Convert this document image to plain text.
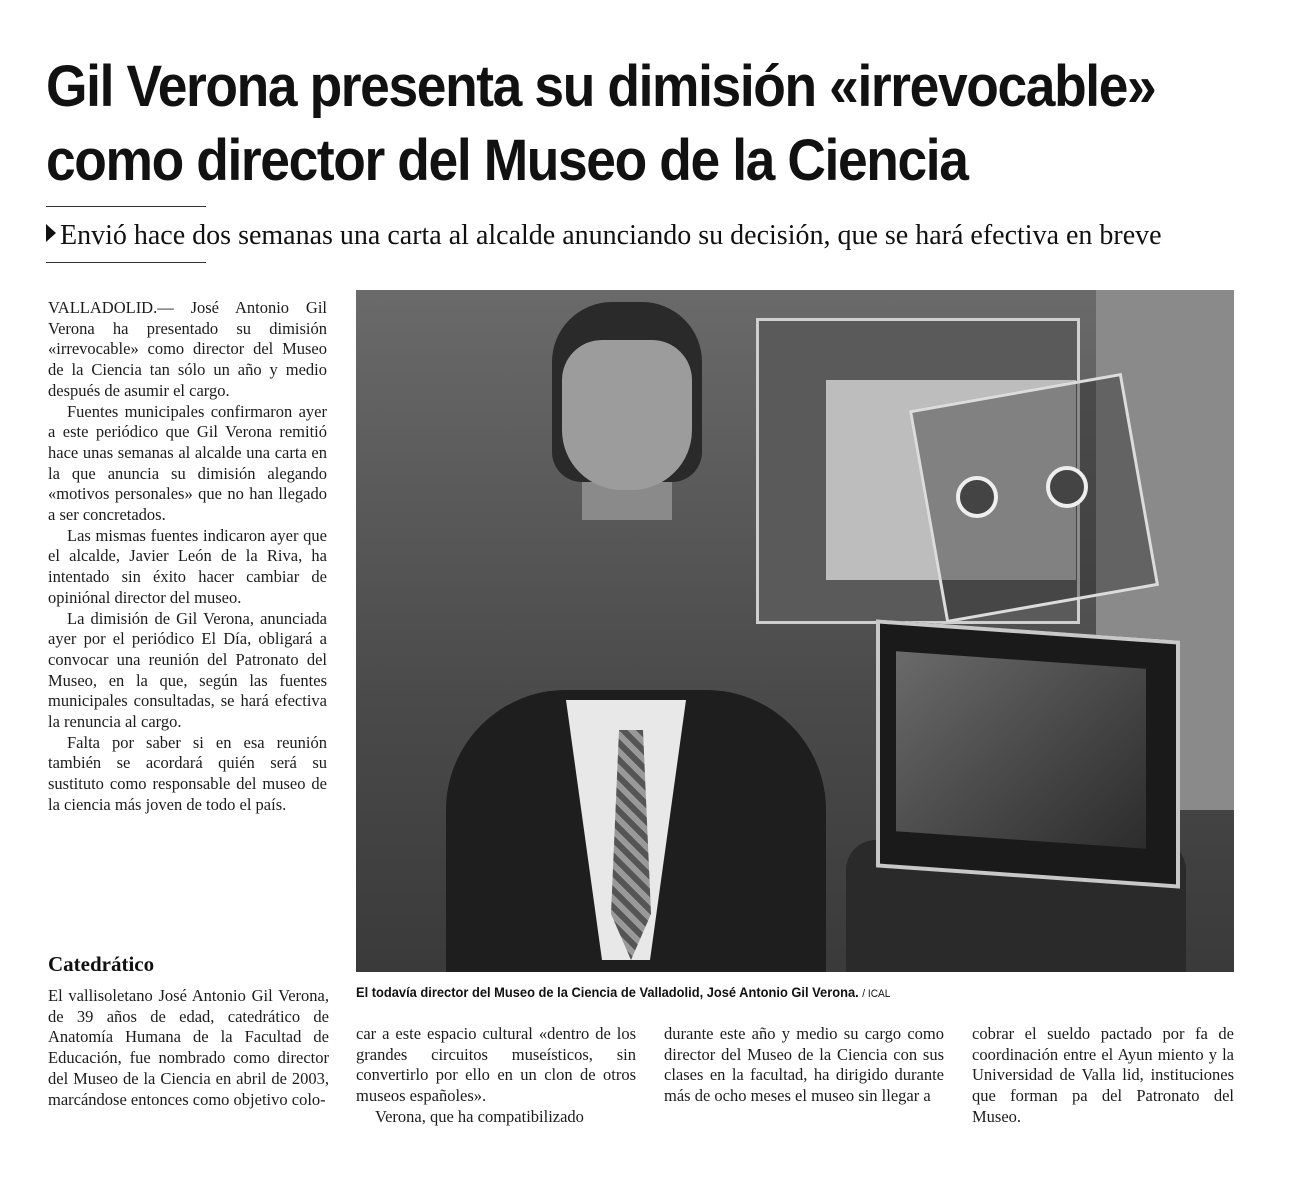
Gil Verona presenta su dimisión «irrevocable»
como director del Museo de la Ciencia
Envió hace dos semanas una carta al alcalde anunciando su decisión, que se hará efectiva en breve

VALLADOLID.— José Antonio Gil Verona ha presentado su dimisión «irrevocable» como director del Museo de la Ciencia tan sólo un año y medio después de asumir el cargo.

Fuentes municipales confirmaron ayer a este periódico que Gil Verona remitió hace unas semanas al alcalde una carta en la que anuncia su dimisión alegando «motivos personales» que no han llegado a ser concretados.

Las mismas fuentes indicaron ayer que el alcalde, Javier León de la Riva, ha intentado sin éxito hacer cambiar de opiniónal director del museo.

La dimisión de Gil Verona, anunciada ayer por el periódico El Día, obligará a convocar una reunión del Patronato del Museo, en la que, según las fuentes municipales consultadas, se hará efectiva la renuncia al cargo.

Falta por saber si en esa reunión también se acordará quién será su sustituto como responsable del museo de la ciencia más joven de todo el país.

Catedrático

El vallisoletano José Antonio Gil Verona, de 39 años de edad, catedrático de Anatomía Humana de la Facultad de Educación, fue nombrado como director del Museo de la Ciencia en abril de 2003, marcándose entonces como objetivo colo-

El todavía director del Museo de la Ciencia de Valladolid, José Antonio Gil Verona. / ICAL

car a este espacio cultural «dentro de los grandes circuitos museísticos, sin convertirlo por ello en un clon de otros museos españoles».

Verona, que ha compatibilizado

durante este año y medio su cargo como director del Museo de la Ciencia con sus clases en la facultad, ha dirigido durante más de ocho meses el museo sin llegar a

cobrar el sueldo pactado por fa de coordinación entre el Ayun miento y la Universidad de Valla lid, instituciones que forman pa del Patronato del Museo.
